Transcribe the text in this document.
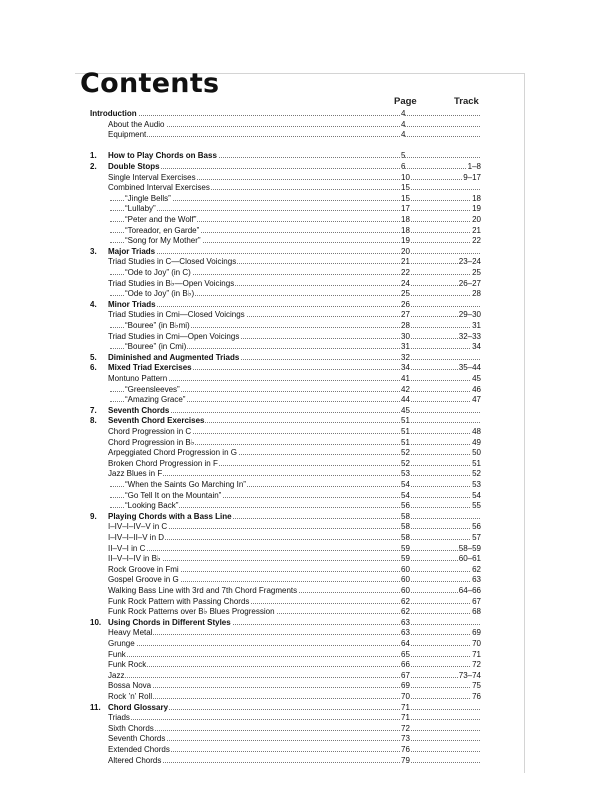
Contents
Page	Track
Introduction	4
About the Audio	4
Equipment	4
1. How to Play Chords on Bass	5
2. Double Stops	6	1–8
Single Interval Exercises	10	9–17
Combined Interval Exercises	15
“Jingle Bells”	15	18
“Lullaby”	17	19
“Peter and the Wolf”	18	20
“Toreador, en Garde”	18	21
“Song for My Mother”	19	22
3. Major Triads	20
Triad Studies in C—Closed Voicings	21	23–24
“Ode to Joy” (in C)	22	25
Triad Studies in B♭—Open Voicings	24	26–27
“Ode to Joy” (in B♭)	25	28
4. Minor Triads	26
Triad Studies in Cmi—Closed Voicings	27	29–30
“Bouree” (in B♭mi)	28	31
Triad Studies in Cmi—Open Voicings	30	32–33
“Bouree” (in Cmi)	31	34
5. Diminished and Augmented Triads	32
6. Mixed Triad Exercises	34	35–44
Montuno Pattern	41	45
“Greensleeves”	42	46
“Amazing Grace”	44	47
7. Seventh Chords	45
8. Seventh Chord Exercises	51
Chord Progression in C	51	48
Chord Progression in B♭	51	49
Arpeggiated Chord Progression in G	52	50
Broken Chord Progression in F	52	51
Jazz Blues in F	53	52
“When the Saints Go Marching In”	54	53
“Go Tell It on the Mountain”	54	54
“Looking Back”	56	55
9. Playing Chords with a Bass Line	58
I–IV–I–IV–V in C	58	56
I–IV–I–II–V in D	58	57
II–V–I in C	59	58–59
II–V–I–IV in B♭	59	60–61
Rock Groove in Fmi	60	62
Gospel Groove in G	60	63
Walking Bass Line with 3rd and 7th Chord Fragments	60	64–66
Funk Rock Pattern with Passing Chords	62	67
Funk Rock Patterns over B♭ Blues Progression	62	68
10. Using Chords in Different Styles	63
Heavy Metal	63	69
Grunge	64	70
Funk	65	71
Funk Rock	66	72
Jazz	67	73–74
Bossa Nova	69	75
Rock ’n’ Roll	70	76
11. Chord Glossary	71
Triads	71
Sixth Chords	72
Seventh Chords	73
Extended Chords	76
Altered Chords	79
